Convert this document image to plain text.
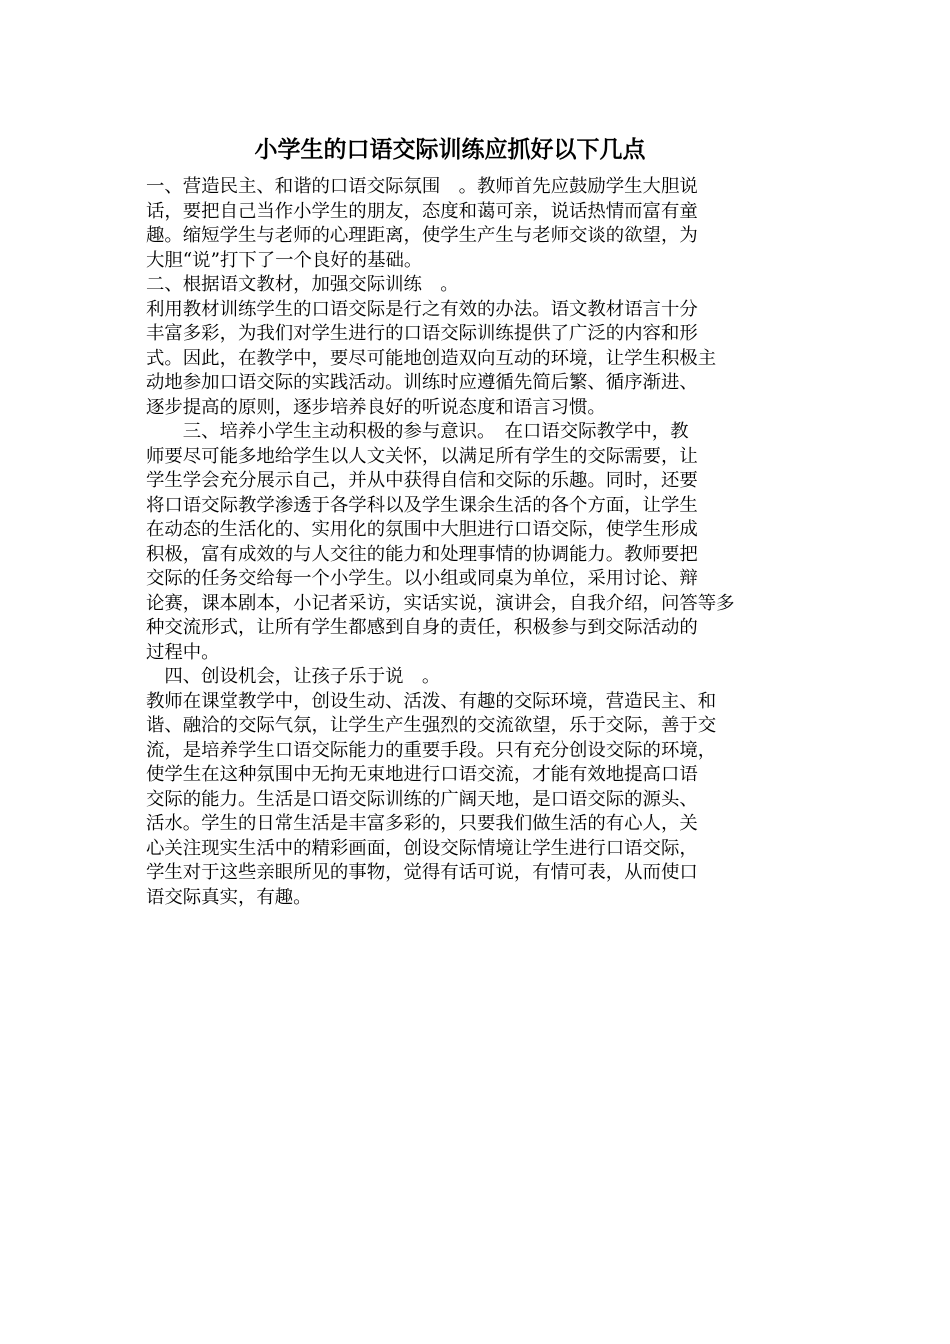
小学生的口语交际训练应抓好以下几点
一、营造民主、和谐的口语交际氛围　。教师首先应鼓励学生大胆说
话，要把自己当作小学生的朋友，态度和蔼可亲，说话热情而富有童
趣。缩短学生与老师的心理距离，使学生产生与老师交谈的欲望，为
大胆“说”打下了一个良好的基础。
二、根据语文教材，加强交际训练　。
利用教材训练学生的口语交际是行之有效的办法。语文教材语言十分
丰富多彩，为我们对学生进行的口语交际训练提供了广泛的内容和形
式。因此，在教学中，要尽可能地创造双向互动的环境，让学生积极主
动地参加口语交际的实践活动。训练时应遵循先简后繁、循序渐进、
逐步提高的原则，逐步培养良好的听说态度和语言习惯。
　　三、培养小学生主动积极的参与意识。　在口语交际教学中，教
师要尽可能多地给学生以人文关怀，以满足所有学生的交际需要，让
学生学会充分展示自己，并从中获得自信和交际的乐趣。同时，还要
将口语交际教学渗透于各学科以及学生课余生活的各个方面，让学生
在动态的生活化的、实用化的氛围中大胆进行口语交际，使学生形成
积极，富有成效的与人交往的能力和处理事情的协调能力。教师要把
交际的任务交给每一个小学生。以小组或同桌为单位，采用讨论、辩
论赛，课本剧本，小记者采访，实话实说，演讲会，自我介绍，问答等多
种交流形式，让所有学生都感到自身的责任，积极参与到交际活动的
过程中。
　四、创设机会，让孩子乐于说　。
教师在课堂教学中，创设生动、活泼、有趣的交际环境，营造民主、和
谐、融洽的交际气氛，让学生产生强烈的交流欲望，乐于交际，善于交
流，是培养学生口语交际能力的重要手段。只有充分创设交际的环境，
使学生在这种氛围中无拘无束地进行口语交流，才能有效地提高口语
交际的能力。生活是口语交际训练的广阔天地，是口语交际的源头、
活水。学生的日常生活是丰富多彩的，只要我们做生活的有心人，关
心关注现实生活中的精彩画面，创设交际情境让学生进行口语交际，
学生对于这些亲眼所见的事物，觉得有话可说，有情可表，从而使口
语交际真实，有趣。
